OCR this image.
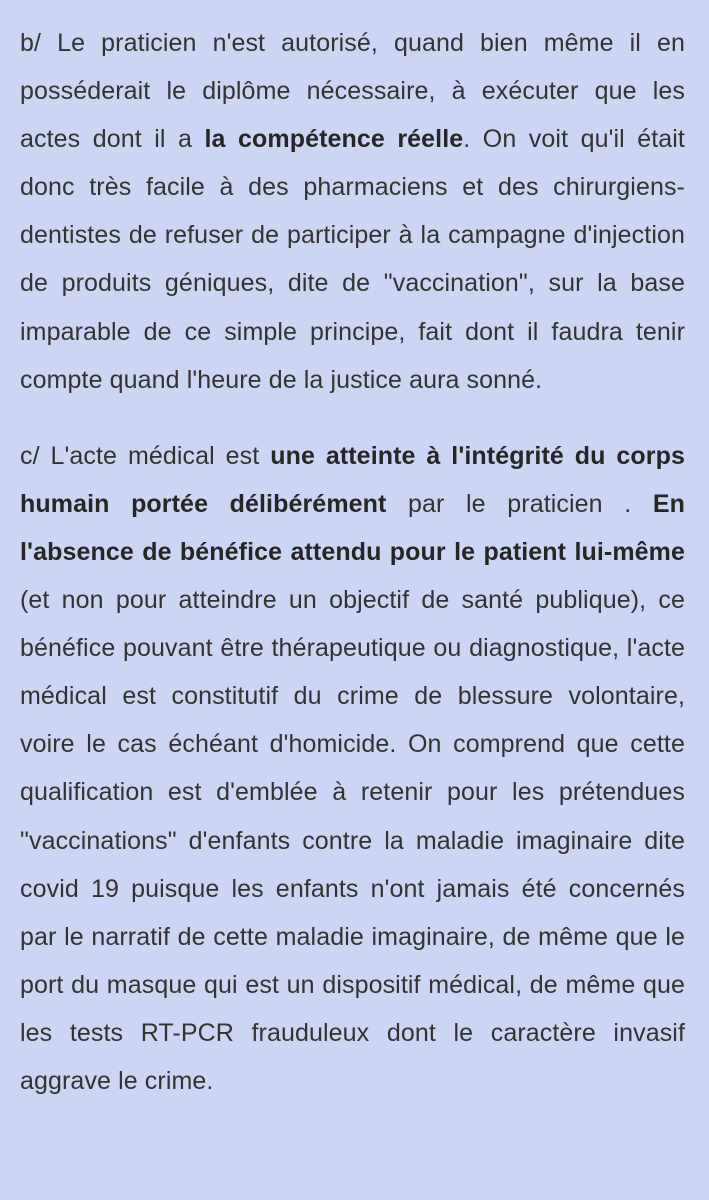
b/ Le praticien n'est autorisé, quand bien même il en posséderait le diplôme nécessaire, à exécuter que les actes dont il a la compétence réelle. On voit qu'il était donc très facile à des pharmaciens et des chirurgiens-dentistes de refuser de participer à la campagne d'injection de produits géniques, dite de "vaccination", sur la base imparable de ce simple principe, fait dont il faudra tenir compte quand l'heure de la justice aura sonné.

c/ L'acte médical est une atteinte à l'intégrité du corps humain portée délibérément par le praticien . En l'absence de bénéfice attendu pour le patient lui-même (et non pour atteindre un objectif de santé publique), ce bénéfice pouvant être thérapeutique ou diagnostique, l'acte médical est constitutif du crime de blessure volontaire, voire le cas échéant d'homicide. On comprend que cette qualification est d'emblée à retenir pour les prétendues "vaccinations" d'enfants contre la maladie imaginaire dite covid 19 puisque les enfants n'ont jamais été concernés par le narratif de cette maladie imaginaire, de même que le port du masque qui est un dispositif médical, de même que les tests RT-PCR frauduleux dont le caractère invasif aggrave le crime.
